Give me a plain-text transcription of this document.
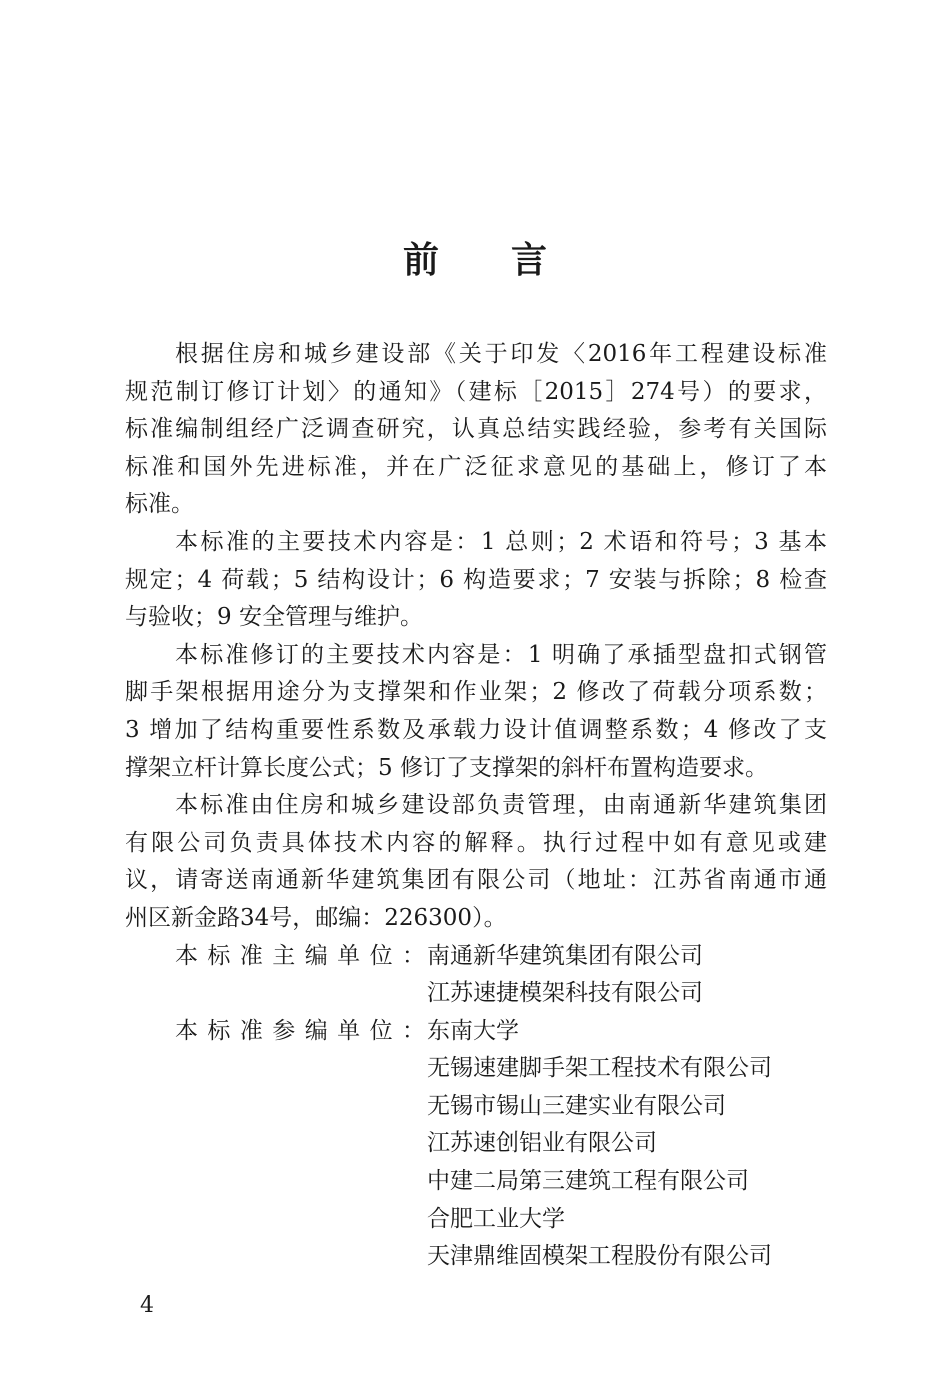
前 言

根据住房和城乡建设部《关于印发〈2016年工程建设标准

规范制订修订计划〉的通知》（建标［2015］274号）的要求，

标准编制组经广泛调查研究，认真总结实践经验，参考有关国际

标准和国外先进标准，并在广泛征求意见的基础上，修订了本

标准。

本标准的主要技术内容是：1 总则；2 术语和符号；3 基本

规定；4 荷载；5 结构设计；6 构造要求；7 安装与拆除；8 检查

与验收；9 安全管理与维护。

本标准修订的主要技术内容是：1 明确了承插型盘扣式钢管

脚手架根据用途分为支撑架和作业架；2 修改了荷载分项系数；

3 增加了结构重要性系数及承载力设计值调整系数；4 修改了支

撑架立杆计算长度公式；5 修订了支撑架的斜杆布置构造要求。

本标准由住房和城乡建设部负责管理，由南通新华建筑集团

有限公司负责具体技术内容的解释。执行过程中如有意见或建

议，请寄送南通新华建筑集团有限公司（地址：江苏省南通市通

州区新金路34号，邮编：226300）。

本标准主编单位： 南通新华建筑集团有限公司
江苏速捷模架科技有限公司
本标准参编单位： 东南大学
无锡速建脚手架工程技术有限公司
无锡市锡山三建实业有限公司
江苏速创铝业有限公司
中建二局第三建筑工程有限公司
合肥工业大学
天津鼎维固模架工程股份有限公司
4
